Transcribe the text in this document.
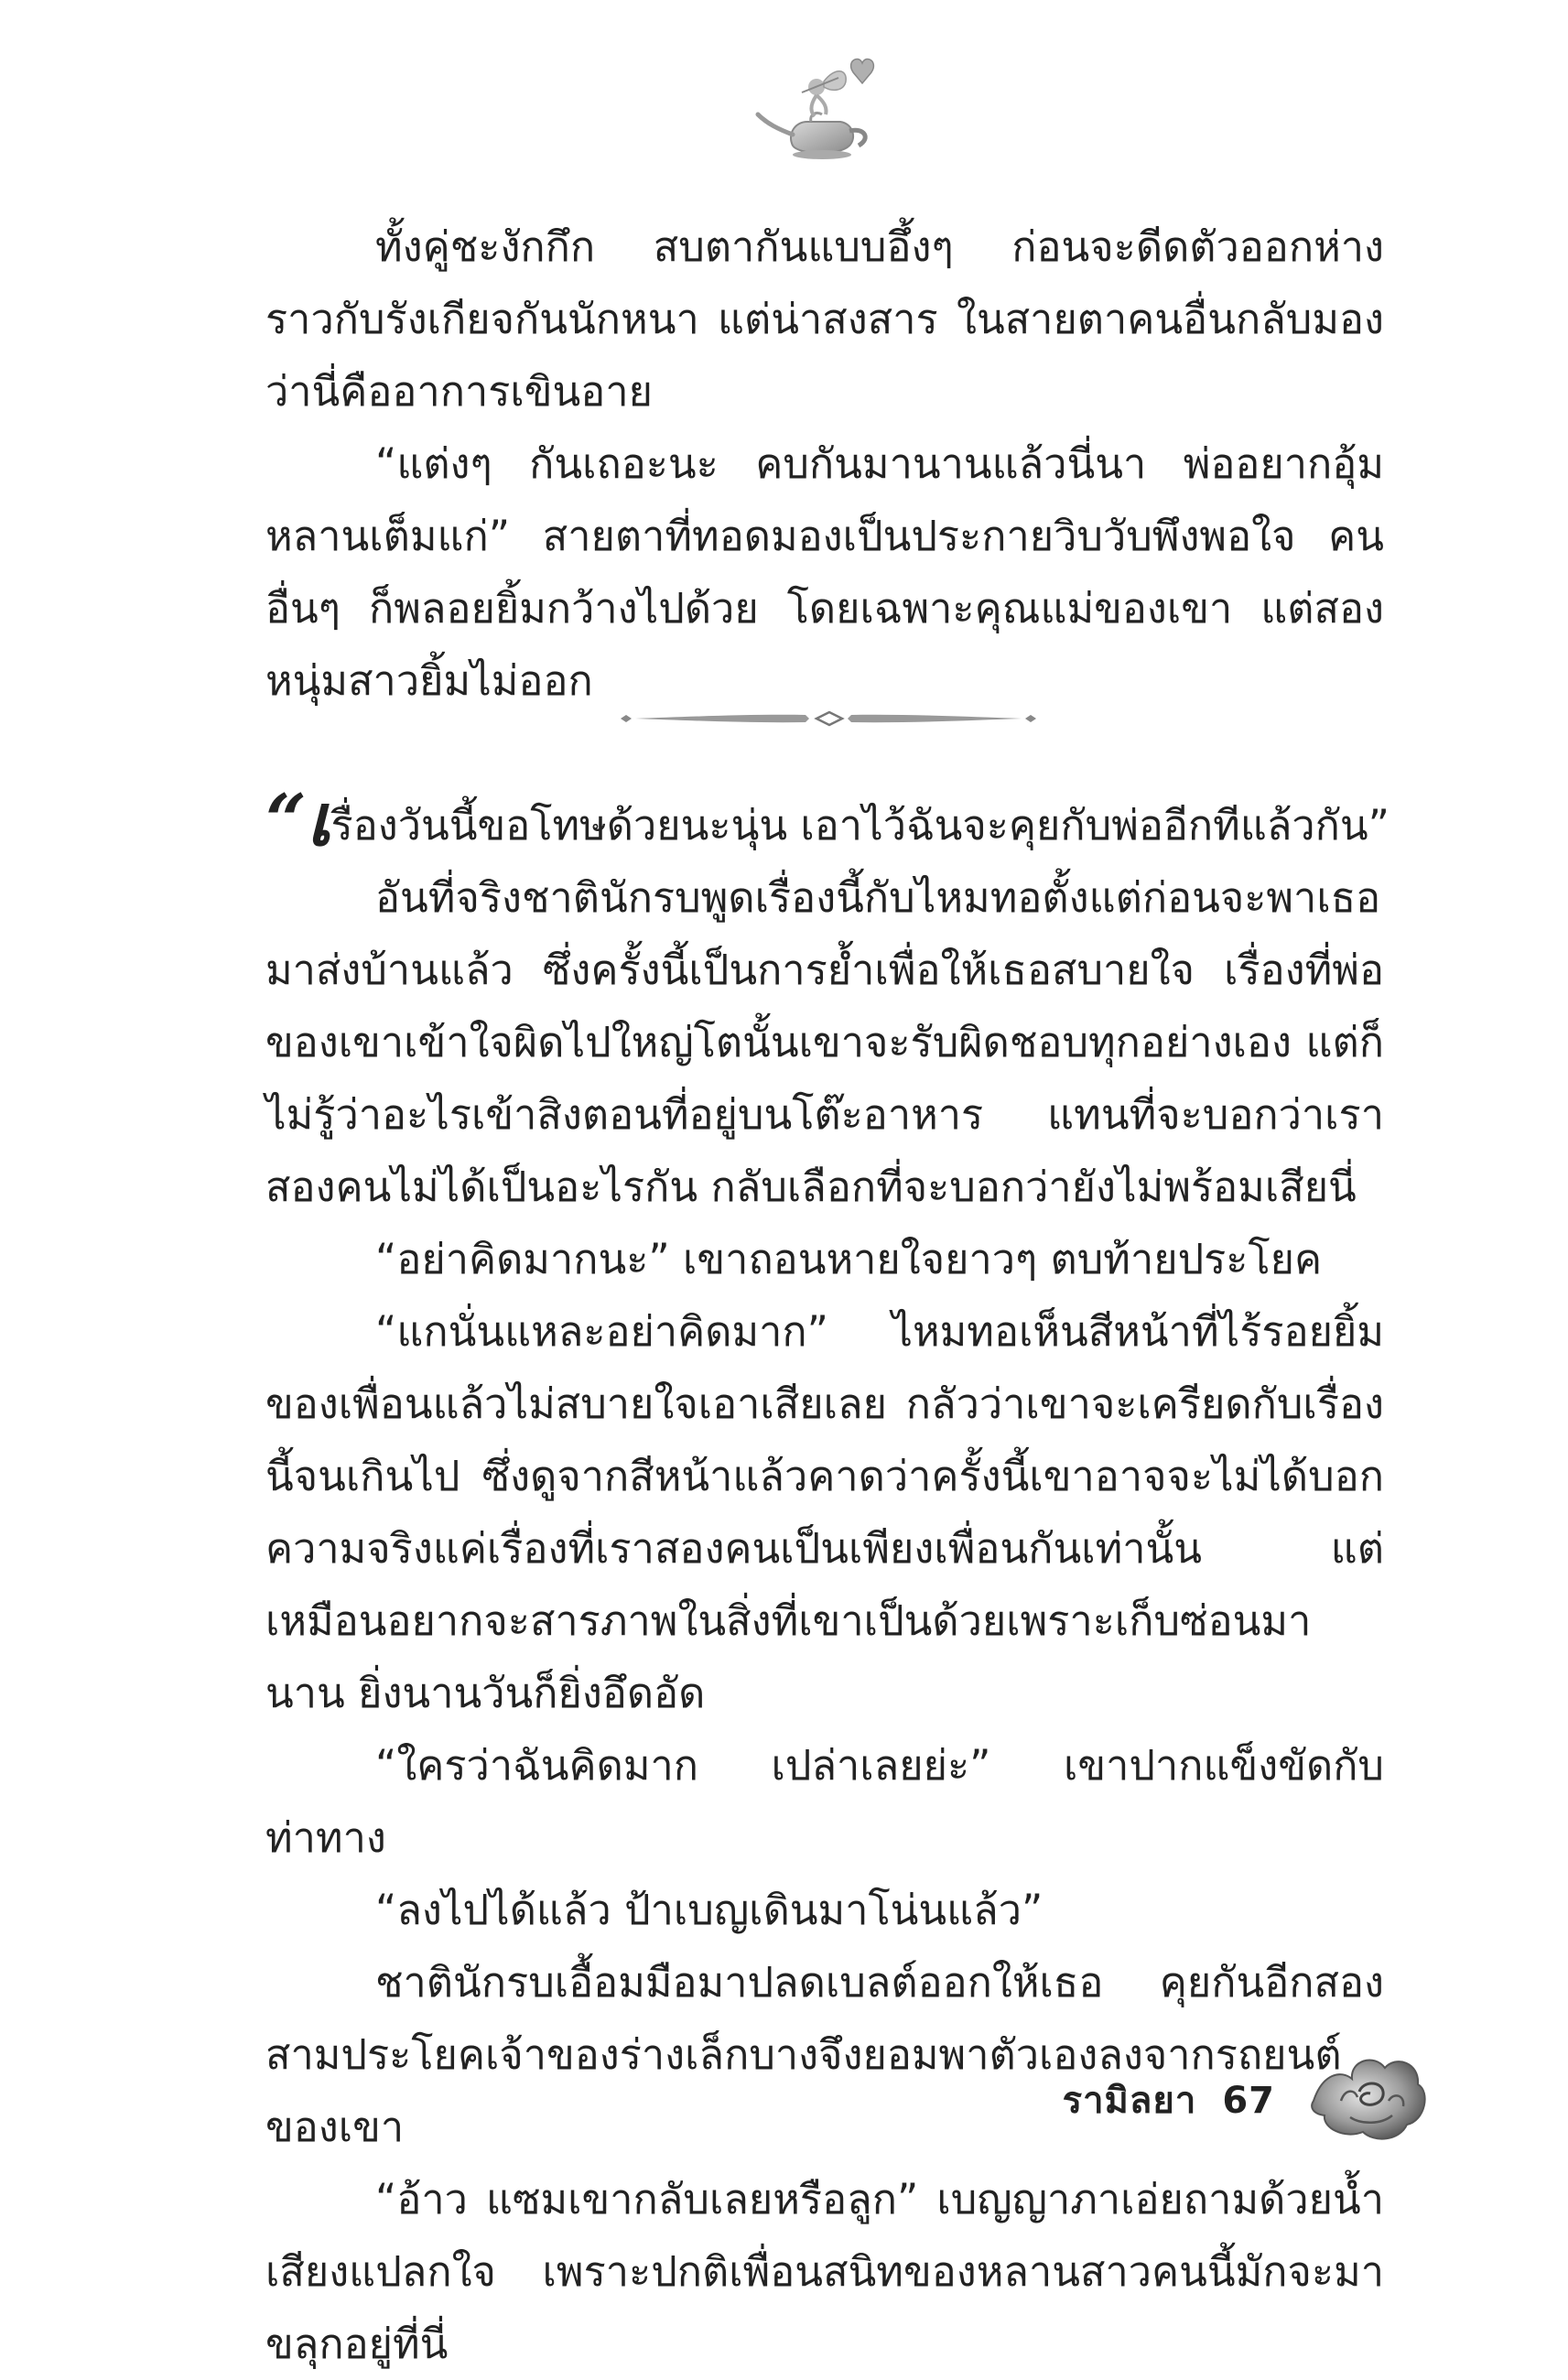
ทั้งคู่ชะงักกึก สบตากันแบบอึ้งๆ ก่อนจะดีดตัวออกห่างราวกับรังเกียจกันนักหนา แต่น่าสงสาร ในสายตาคนอื่นกลับมองว่านี่คืออาการเขินอาย

“แต่งๆ กันเถอะนะ คบกันมานานแล้วนี่นา พ่ออยากอุ้มหลานเต็มแก่” สายตาที่ทอดมองเป็นประกายวิบวับพึงพอใจ คนอื่นๆ ก็พลอยยิ้มกว้างไปด้วย โดยเฉพาะคุณแม่ของเขา แต่สองหนุ่มสาวยิ้มไม่ออก

“เรื่องวันนี้ขอโทษด้วยนะนุ่น เอาไว้ฉันจะคุยกับพ่ออีกทีแล้วกัน”

อันที่จริงชาตินักรบพูดเรื่องนี้กับไหมทอตั้งแต่ก่อนจะพาเธอมาส่งบ้านแล้ว ซึ่งครั้งนี้เป็นการย้ำเพื่อให้เธอสบายใจ เรื่องที่พ่อของเขาเข้าใจผิดไปใหญ่โตนั้นเขาจะรับผิดชอบทุกอย่างเอง แต่ก็ไม่รู้ว่าอะไรเข้าสิงตอนที่อยู่บนโต๊ะอาหาร แทนที่จะบอกว่าเราสองคนไม่ได้เป็นอะไรกัน กลับเลือกที่จะบอกว่ายังไม่พร้อมเสียนี่

“อย่าคิดมากนะ” เขาถอนหายใจยาวๆ ตบท้ายประโยค

“แกนั่นแหละอย่าคิดมาก” ไหมทอเห็นสีหน้าที่ไร้รอยยิ้มของเพื่อนแล้วไม่สบายใจเอาเสียเลย กลัวว่าเขาจะเครียดกับเรื่องนี้จนเกินไป ซึ่งดูจากสีหน้าแล้วคาดว่าครั้งนี้เขาอาจจะไม่ได้บอกความจริงแค่เรื่องที่เราสองคนเป็นเพียงเพื่อนกันเท่านั้น แต่เหมือนอยากจะสารภาพในสิ่งที่เขาเป็นด้วยเพราะเก็บซ่อนมานาน ยิ่งนานวันก็ยิ่งอึดอัด

“ใครว่าฉันคิดมาก เปล่าเลยย่ะ” เขาปากแข็งขัดกับท่าทาง

“ลงไปได้แล้ว ป้าเบญเดินมาโน่นแล้ว”

ชาตินักรบเอื้อมมือมาปลดเบลต์ออกให้เธอ คุยกันอีกสองสามประโยคเจ้าของร่างเล็กบางจึงยอมพาตัวเองลงจากรถยนต์ของเขา

“อ้าว แซมเขากลับเลยหรือลูก” เบญญาภาเอ่ยถามด้วยน้ำเสียงแปลกใจ เพราะปกติเพื่อนสนิทของหลานสาวคนนี้มักจะมาขลุกอยู่ที่นี่

รามิลยา 67
